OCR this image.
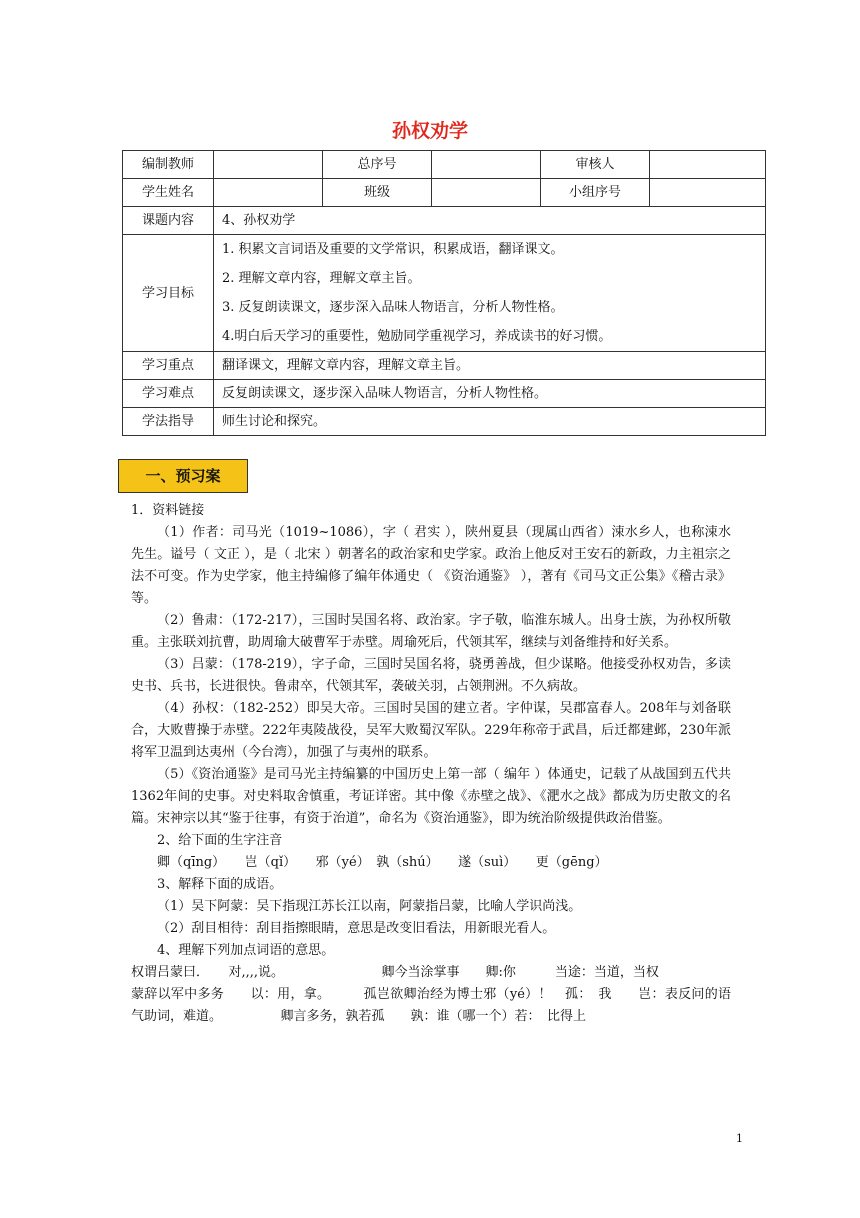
孙权劝学
编制教师		总序号		审核人	
学生姓名		班级		小组序号	
课题内容	4、孙权劝学				
学习目标	1. 积累文言词语及重要的文学常识，积累成语，翻译课文。
2. 理解文章内容，理解文章主旨。
3. 反复朗读课文，逐步深入品味人物语言，分析人物性格。
4.明白后天学习的重要性，勉励同学重视学习，养成读书的好习惯。				

学习重点	翻译课文，理解文章内容，理解文章主旨。				
学习难点	反复朗读课文，逐步深入品味人物语言，分析人物性格。				
学法指导	师生讨论和探究。				
一、预习案

1．资料链接

（1）作者：司马光（1019~1086），字（ 君实 ），陕州夏县（现属山西省）涑水乡人，也称涑水先生。谥号（ 文正 ），是（ 北宋 ）朝著名的政治家和史学家。政治上他反对王安石的新政，力主祖宗之法不可变。作为史学家，他主持编修了编年体通史（ 《资治通鉴》 ），著有《司马文正公集》《稽古录》等。

（2）鲁肃：（172-217），三国时吴国名将、政治家。字子敬，临淮东城人。出身士族，为孙权所敬重。主张联刘抗曹，助周瑜大破曹军于赤壁。周瑜死后，代领其军，继续与刘备维持和好关系。

（3）吕蒙：（178-219），字子命，三国时吴国名将，骁勇善战，但少谋略。他接受孙权劝告，多读史书、兵书，长进很快。鲁肃卒，代领其军，袭破关羽，占领荆洲。不久病故。

（4）孙权：（182-252）即吴大帝。三国时吴国的建立者。字仲谋，吴郡富春人。208年与刘备联合，大败曹操于赤壁。222年夷陵战役，吴军大败蜀汉军队。229年称帝于武昌，后迁都建邺，230年派将军卫温到达夷州（今台湾），加强了与夷州的联系。

（5）《资治通鉴》是司马光主持编纂的中国历史上第一部（ 编年 ）体通史，记载了从战国到五代共1362年间的史事。对史料取舍慎重，考证详密。其中像《赤壁之战》、《淝水之战》都成为历史散文的名篇。宋神宗以其“鉴于往事，有资于治道”，命名为《资治通鉴》，即为统治阶级提供政治借鉴。

2、给下面的生字注音

卿（qīng）　　岂（qǐ）　　邪（yé）　孰（shú）　　遂（suì）　　更（gēng）

3、解释下面的成语。

（1）吴下阿蒙：吴下指现江苏长江以南，阿蒙指吕蒙，比喻人学识尚浅。

（2）刮目相待：刮目指擦眼睛，意思是改变旧看法，用新眼光看人。

4、理解下列加点词语的意思。

权谓吕蒙曰．　　对,,,,说。　　　　　　　　卿今当涂掌事　　卿:你　　　当途：当道，当权

蒙辞以军中多务　　以：用，拿。　　　孤岂欲卿治经为博士邪（yé）！　孤：　我　　岂：表反问的语气助词，难道。　　　　　卿言多务，孰若孤　　孰：谁（哪一个）若：　比得上

1
